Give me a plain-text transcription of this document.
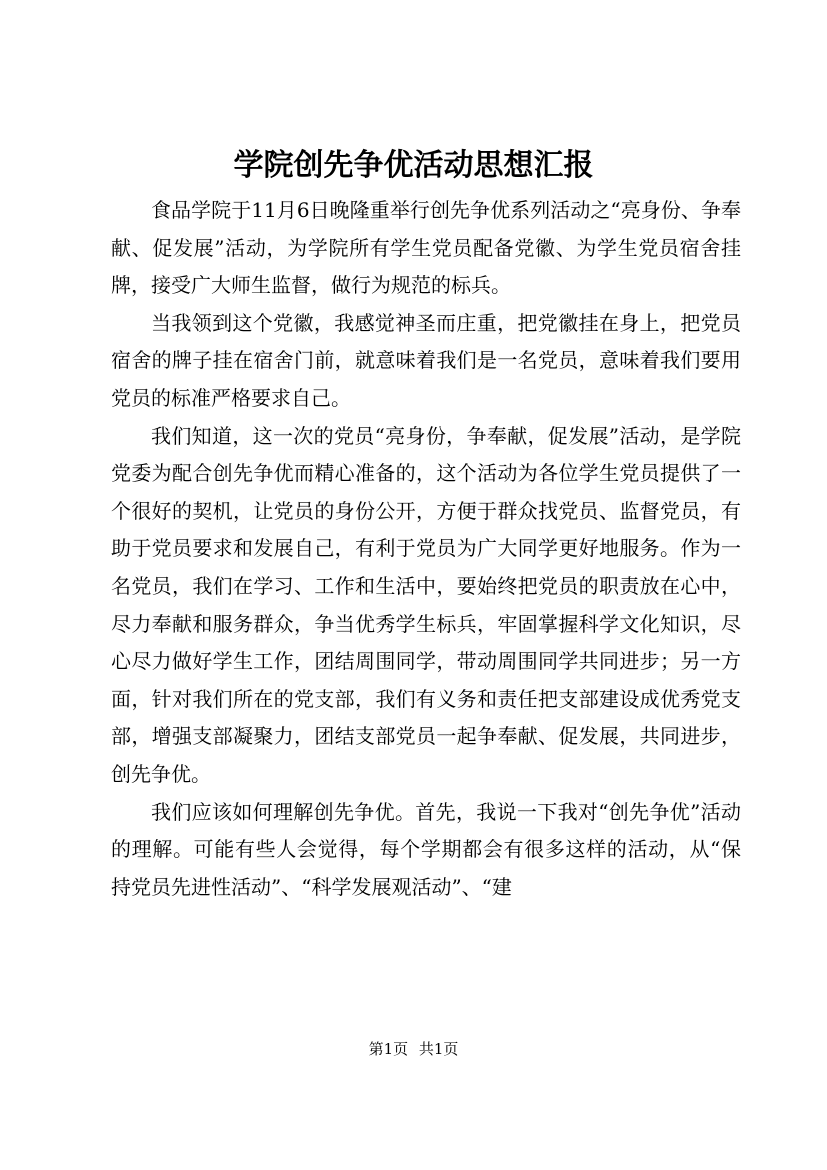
学院创先争优活动思想汇报

食品学院于11月6日晚隆重举行创先争优系列活动之“亮身份、争奉献、促发展”活动，为学院所有学生党员配备党徽、为学生党员宿舍挂牌，接受广大师生监督，做行为规范的标兵。

当我领到这个党徽，我感觉神圣而庄重，把党徽挂在身上，把党员宿舍的牌子挂在宿舍门前，就意味着我们是一名党员，意味着我们要用党员的标准严格要求自己。

我们知道，这一次的党员“亮身份，争奉献，促发展”活动，是学院党委为配合创先争优而精心准备的，这个活动为各位学生党员提供了一个很好的契机，让党员的身份公开，方便于群众找党员、监督党员，有助于党员要求和发展自己，有利于党员为广大同学更好地服务。作为一名党员，我们在学习、工作和生活中，要始终把党员的职责放在心中，尽力奉献和服务群众，争当优秀学生标兵，牢固掌握科学文化知识，尽心尽力做好学生工作，团结周围同学，带动周围同学共同进步；另一方面，针对我们所在的党支部，我们有义务和责任把支部建设成优秀党支部，增强支部凝聚力，团结支部党员一起争奉献、促发展，共同进步，创先争优。

我们应该如何理解创先争优。首先，我说一下我对“创先争优”活动的理解。可能有些人会觉得，每个学期都会有很多这样的活动，从“保持党员先进性活动”、“科学发展观活动”、“建

第1页 共1页
